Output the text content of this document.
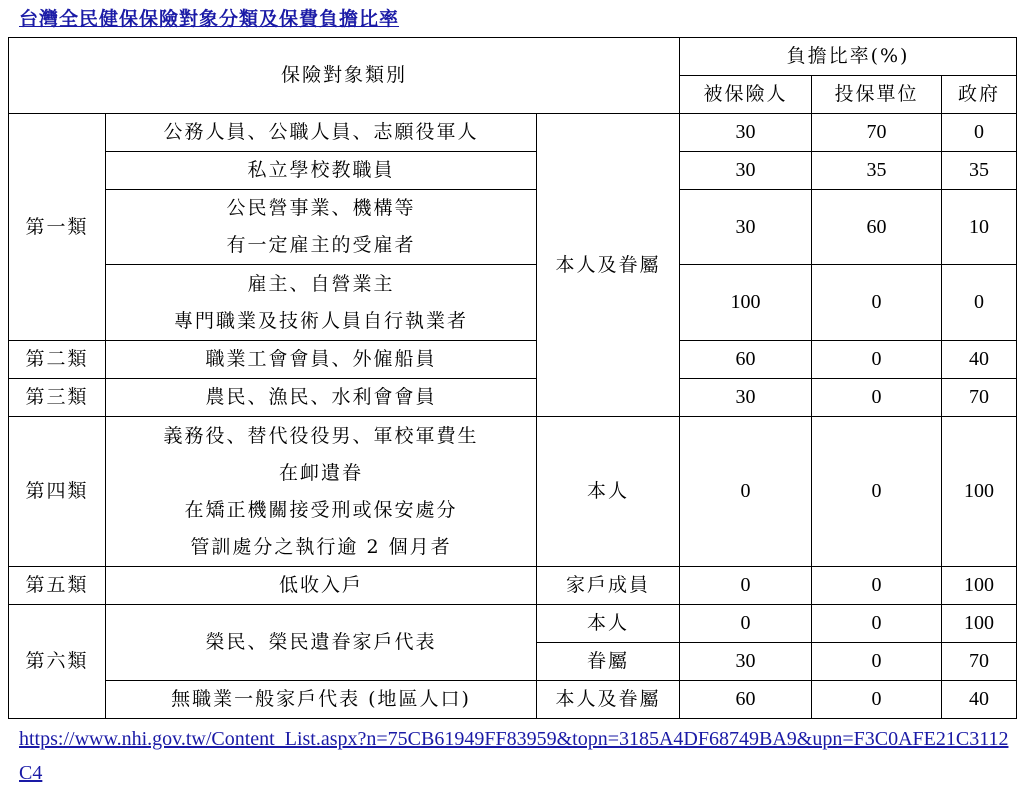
台灣全民健保保險對象分類及保費負擔比率
保險對象類別			負擔比率(%)		
			被保險人	投保單位	政府
第一類	公務人員、公職人員、志願役軍人	本人及眷屬	30	70	0
	私立學校教職員		30	35	35

	公民營事業、機構等
有一定雇主的受雇者		30	60	10

	雇主、自營業主
專門職業及技術人員自行執業者		100	0	0
第二類	職業工會會員、外僱船員		60	0	40
第三類	農民、漁民、水利會會員		30	0	70
第四類	義務役、替代役役男、軍校軍費生
在卹遺眷
在矯正機關接受刑或保安處分
管訓處分之執行逾 2 個月者	本人	0	0	100
第五類	低收入戶	家戶成員	0	0	100
第六類	榮民、榮民遺眷家戶代表	本人	0	0	100
		眷屬	30	0	70
	無職業一般家戶代表 (地區人口)	本人及眷屬	60	0	40
https://www.nhi.gov.tw/Content_List.aspx?n=75CB61949FF83959&topn=3185A4DF68749BA9&upn=F3C0AFE21C3112C4
